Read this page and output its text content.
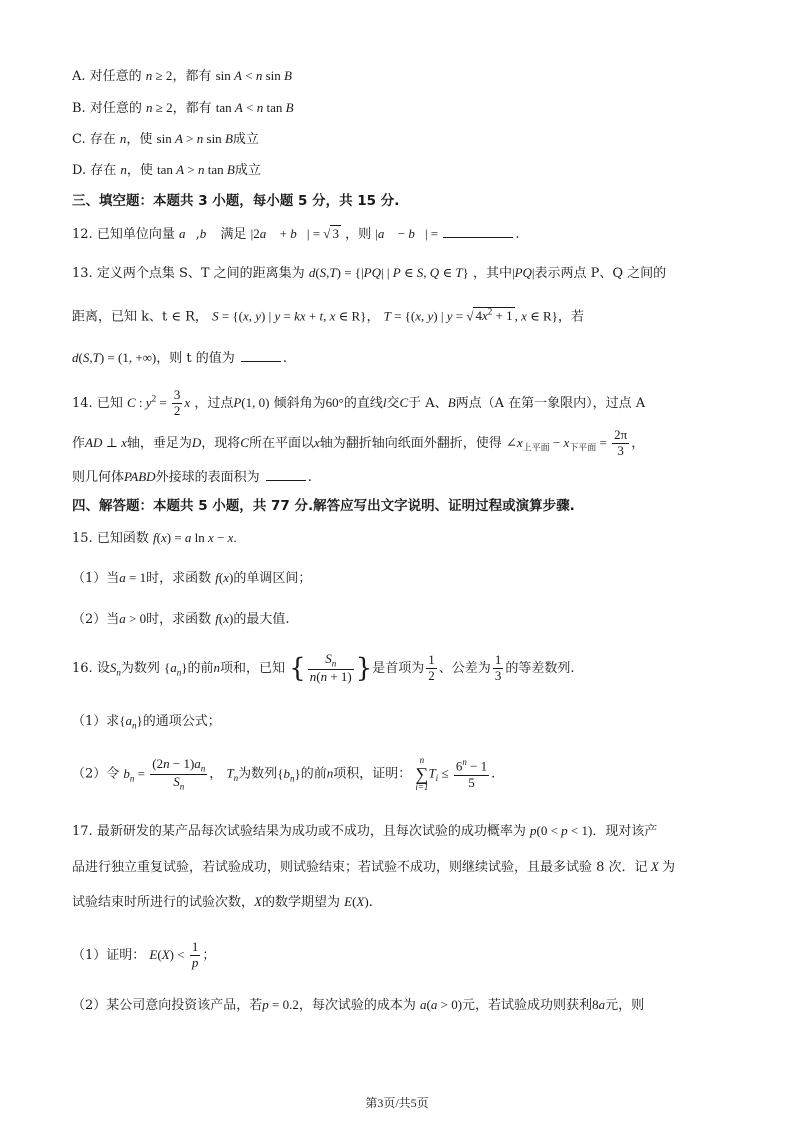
A. 对任意的 n ≥ 2，都有 sin A < n sin B
B. 对任意的 n ≥ 2，都有 tan A < n tan B
C. 存在 n，使 sin A > n sin B成立
D. 存在 n，使 tan A > n tan B成立
三、填空题：本题共 3 小题，每小题 5 分，共 15 分.
12. 已知单位向量 a⃗,b⃗ 满足 |2a⃗ + b⃗| = √ 3 ，则 |a⃗ − b⃗| =	.
13. 定义两个点集 S、T 之间的距离集为 d(S,T) = {|PQ| | P ∈ S, Q ∈ T} ，其中|PQ|表示两点 P、Q 之间的
距离，已知 k、t ∈ R， S = {(x, y) | y = kx + t, x ∈ R}， T = {(x, y) | y = √ $4x^2 + 1$ , x ∈ R}，若
d(S,T) = (1, +∞)，则 t 的值为	.
14. 已知 C : $y^2 = \frac{3}{2}$ x ，过点P(1, 0) 倾斜角为60°的直线l交C于 A、B两点（A 在第一象限内），过点 A
作AD ⊥ x轴，垂足为D，现将C所在平面以x轴为翻折轴向纸面外翻折，使得 $\angle x_{上平面} - x_{下平面} = \frac{2\pi}{3}$ ，
则几何体PABD外接球的表面积为	.
四、解答题：本题共 5 小题，共 77 分.解答应写出文字说明、证明过程或演算步骤.
15. 已知函数 f(x) = a ln x − x.
（1）当a = 1时，求函数 f(x)的单调区间；
（2）当a > 0时，求函数 f(x)的最大值.
16. 设$S_n$为数列 $\{a_n\}$的前n项和，已知 { $\frac{S_n}{n(n + 1)}$ }是首项为 $\frac{1}{2}$ 、公差为 $\frac{1}{3}$ 的等差数列.
（1）求$\{a_n\}$的通项公式；
（2）令 $b_n = \frac{(2n - 1)a_n}{S_n}$ ， $T_n$为数列$\{b_n\}$的前n项积，证明：
n
∑
i=1
$T_i \le \frac{6^n - 1}{5}$ .
17. 最新研发的某产品每次试验结果为成功或不成功，且每次试验的成功概率为 p(0 < p < 1)．现对该产
品进行独立重复试验，若试验成功，则试验结束；若试验不成功，则继续试验，且最多试验 8 次．记 X 为
试验结束时所进行的试验次数，X的数学期望为 E(X).
（1）证明： $E(X) < \frac{1}{p}$ ；
（2）某公司意向投资该产品，若p = 0.2，每次试验的成本为 a(a > 0)元，若试验成功则获利8a元，则
第3页/共5页
